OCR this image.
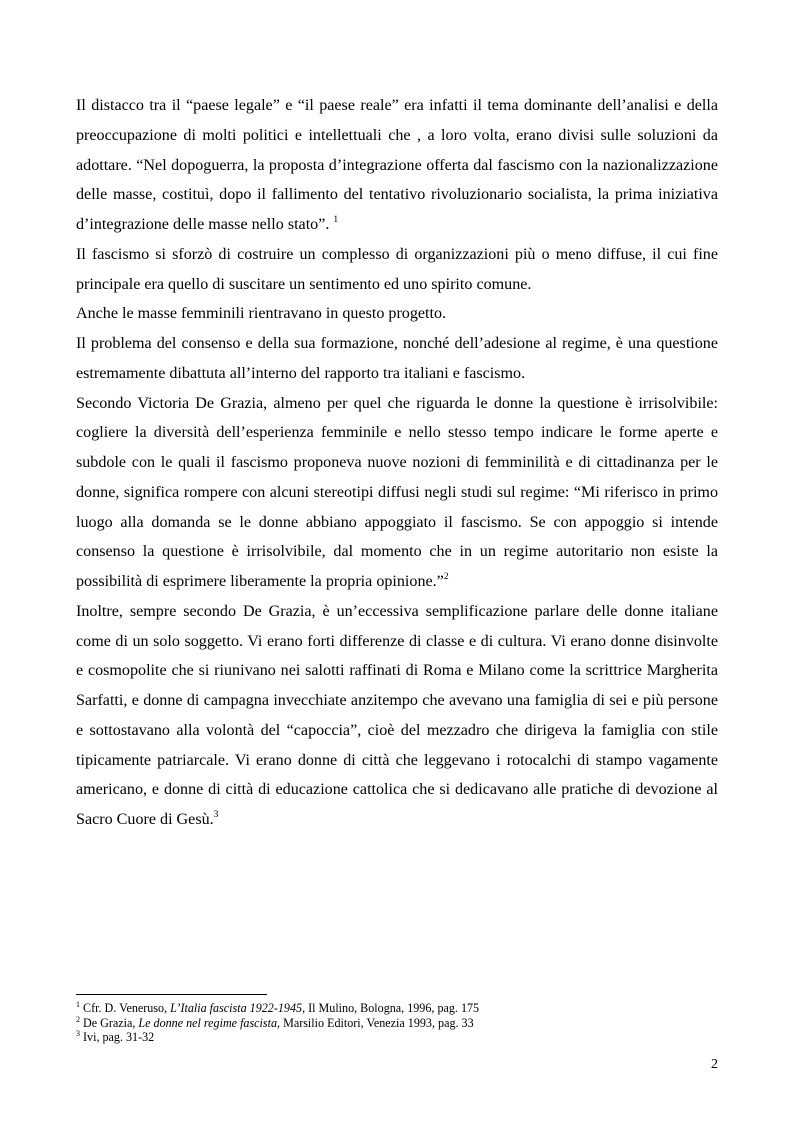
Il distacco tra il “paese legale” e “il paese reale” era infatti il tema dominante dell’analisi e della preoccupazione di molti politici e intellettuali che , a loro volta, erano divisi sulle soluzioni da adottare. “Nel dopoguerra, la proposta d’integrazione offerta dal fascismo con la nazionalizzazione delle masse, costituì, dopo il fallimento del tentativo rivoluzionario socialista, la prima iniziativa d’integrazione delle masse nello stato”. $^1$

Il fascismo si sforzò di costruire un complesso di organizzazioni più o meno diffuse, il cui fine principale era quello di suscitare un sentimento ed uno spirito comune.

Anche le masse femminili rientravano in questo progetto.

Il problema del consenso e della sua formazione, nonché dell’adesione al regime, è una questione estremamente dibattuta all’interno del rapporto tra italiani e fascismo.

Secondo Victoria De Grazia, almeno per quel che riguarda le donne la questione è irrisolvibile: cogliere la diversità dell’esperienza femminile e nello stesso tempo indicare le forme aperte e subdole con le quali il fascismo proponeva nuove nozioni di femminilità e di cittadinanza per le donne, significa rompere con alcuni stereotipi diffusi negli studi sul regime: “Mi riferisco in primo luogo alla domanda se le donne abbiano appoggiato il fascismo. Se con appoggio si intende consenso la questione è irrisolvibile, dal momento che in un regime autoritario non esiste la possibilità di esprimere liberamente la propria opinione.”$^2$

Inoltre, sempre secondo De Grazia, è un’eccessiva semplificazione parlare delle donne italiane come di un solo soggetto. Vi erano forti differenze di classe e di cultura. Vi erano donne disinvolte e cosmopolite che si riunivano nei salotti raffinati di Roma e Milano come la scrittrice Margherita Sarfatti, e donne di campagna invecchiate anzitempo che avevano una famiglia di sei e più persone e sottostavano alla volontà del “capoccia”, cioè del mezzadro che dirigeva la famiglia con stile tipicamente patriarcale. Vi erano donne di città che leggevano i rotocalchi di stampo vagamente americano, e donne di città di educazione cattolica che si dedicavano alle pratiche di devozione al Sacro Cuore di Gesù.$^3$

$^1$ Cfr. D. Veneruso, L’Italia fascista 1922-1945, Il Mulino, Bologna, 1996, pag. 175
$^2$ De Grazia, Le donne nel regime fascista, Marsilio Editori, Venezia 1993, pag. 33
$^3$ Ivi, pag. 31-32
2
